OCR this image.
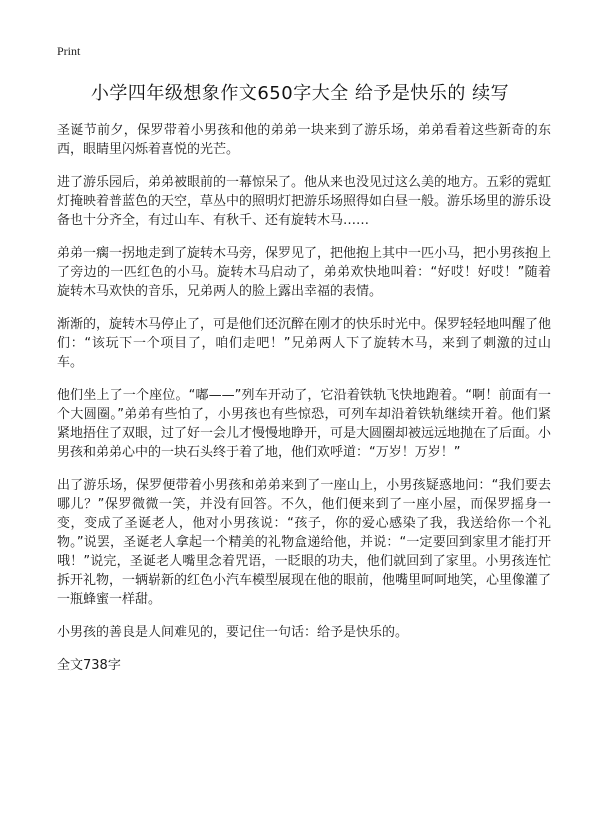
Print
小学四年级想象作文650字大全 给予是快乐的 续写

圣诞节前夕，保罗带着小男孩和他的弟弟一块来到了游乐场，弟弟看着这些新奇的东西，眼睛里闪烁着喜悦的光芒。

进了游乐园后，弟弟被眼前的一幕惊呆了。他从来也没见过这么美的地方。五彩的霓虹灯掩映着普蓝色的天空，草丛中的照明灯把游乐场照得如白昼一般。游乐场里的游乐设备也十分齐全，有过山车、有秋千、还有旋转木马……

弟弟一瘸一拐地走到了旋转木马旁，保罗见了，把他抱上其中一匹小马，把小男孩抱上了旁边的一匹红色的小马。旋转木马启动了，弟弟欢快地叫着：“好哎！好哎！”随着旋转木马欢快的音乐，兄弟两人的脸上露出幸福的表情。

渐渐的，旋转木马停止了，可是他们还沉醉在刚才的快乐时光中。保罗轻轻地叫醒了他们：“该玩下一个项目了，咱们走吧！”兄弟两人下了旋转木马，来到了刺激的过山车。

他们坐上了一个座位。“嘟——”列车开动了，它沿着铁轨飞快地跑着。“啊！前面有一个大圆圈。”弟弟有些怕了，小男孩也有些惊恐，可列车却沿着铁轨继续开着。他们紧紧地捂住了双眼，过了好一会儿才慢慢地睁开，可是大圆圈却被远远地抛在了后面。小男孩和弟弟心中的一块石头终于着了地，他们欢呼道：“万岁！万岁！”

出了游乐场，保罗便带着小男孩和弟弟来到了一座山上，小男孩疑惑地问：“我们要去哪儿？”保罗微微一笑，并没有回答。不久，他们便来到了一座小屋，而保罗摇身一变，变成了圣诞老人，他对小男孩说：“孩子，你的爱心感染了我，我送给你一个礼物。”说罢，圣诞老人拿起一个精美的礼物盒递给他，并说：“一定要回到家里才能打开哦！”说完，圣诞老人嘴里念着咒语，一眨眼的功夫，他们就回到了家里。小男孩连忙拆开礼物，一辆崭新的红色小汽车模型展现在他的眼前，他嘴里呵呵地笑，心里像灌了一瓶蜂蜜一样甜。

小男孩的善良是人间难见的，要记住一句话：给予是快乐的。

全文738字
